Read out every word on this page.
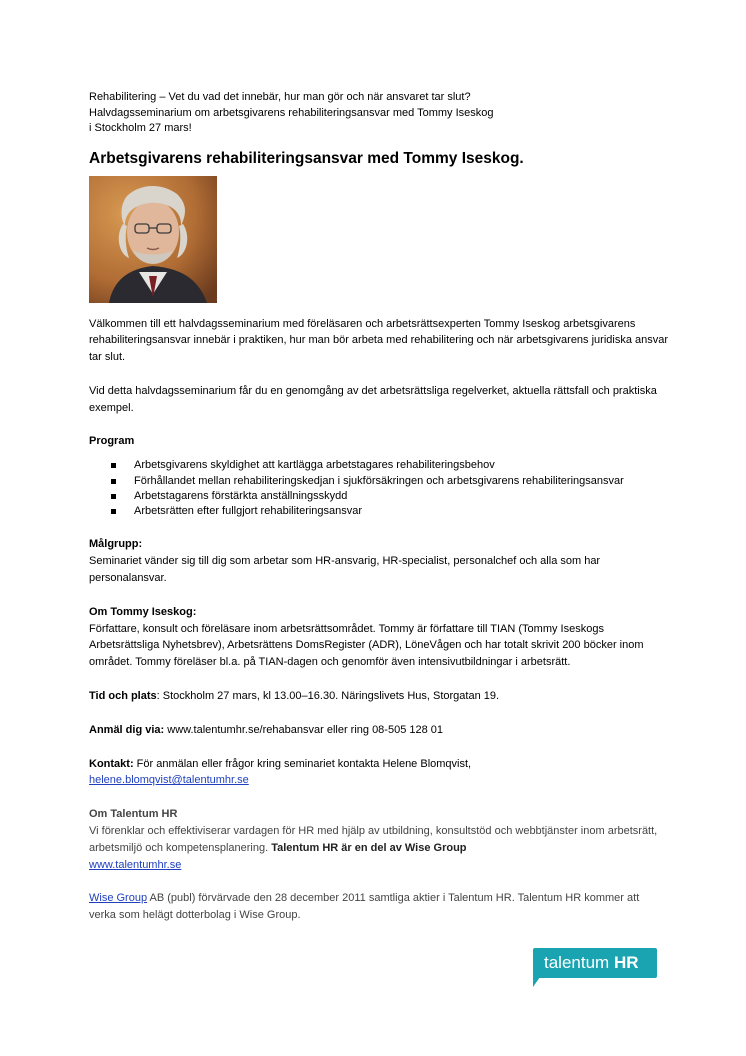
Rehabilitering – Vet du vad det innebär, hur man gör och när ansvaret tar slut?

Halvdagsseminarium om arbetsgivarens rehabiliteringsansvar med Tommy Iseskog

i Stockholm 27 mars!

Arbetsgivarens rehabiliteringsansvar med Tommy Iseskog.

Välkommen till ett halvdagsseminarium med föreläsaren och arbetsrättsexperten Tommy Iseskog arbetsgivarens rehabiliteringsansvar innebär i praktiken, hur man bör arbeta med rehabilitering och när arbetsgivarens juridiska ansvar tar slut.

Vid detta halvdagsseminarium får du en genomgång av det arbetsrättsliga regelverket, aktuella rättsfall och praktiska exempel.

Program

Arbetsgivarens skyldighet att kartlägga arbetstagares rehabiliteringsbehov
Förhållandet mellan rehabiliteringskedjan i sjukförsäkringen och arbetsgivarens rehabiliteringsansvar
Arbetstagarens förstärkta anställningsskydd
Arbetsrätten efter fullgjort rehabiliteringsansvar

Målgrupp:

Seminariet vänder sig till dig som arbetar som HR-ansvarig, HR-specialist, personalchef och alla som har personalansvar.

Om Tommy Iseskog:

Författare, konsult och föreläsare inom arbetsrättsområdet. Tommy är författare till TIAN (Tommy Iseskogs Arbetsrättsliga Nyhetsbrev), Arbetsrättens DomsRegister (ADR), LöneVågen och har totalt skrivit 200 böcker inom området. Tommy föreläser bl.a. på TIAN-dagen och genomför även intensivutbildningar i arbetsrätt.

Tid och plats: Stockholm 27 mars, kl 13.00–16.30. Näringslivets Hus, Storgatan 19.

Anmäl dig via: www.talentumhr.se/rehabansvar eller ring 08-505 128 01

Kontakt: För anmälan eller frågor kring seminariet kontakta Helene Blomqvist,

helene.blomqvist@talentumhr.se

Om Talentum HR

Vi förenklar och effektiviserar vardagen för HR med hjälp av utbildning, konsultstöd och webbtjänster inom arbetsrätt, arbetsmiljö och kompetensplanering. Talentum HR är en del av Wise Group

www.talentumhr.se

Wise Group AB (publ) förvärvade den 28 december 2011 samtliga aktier i Talentum HR. Talentum HR kommer att verka som helägt dotterbolag i Wise Group.

talentum HR
